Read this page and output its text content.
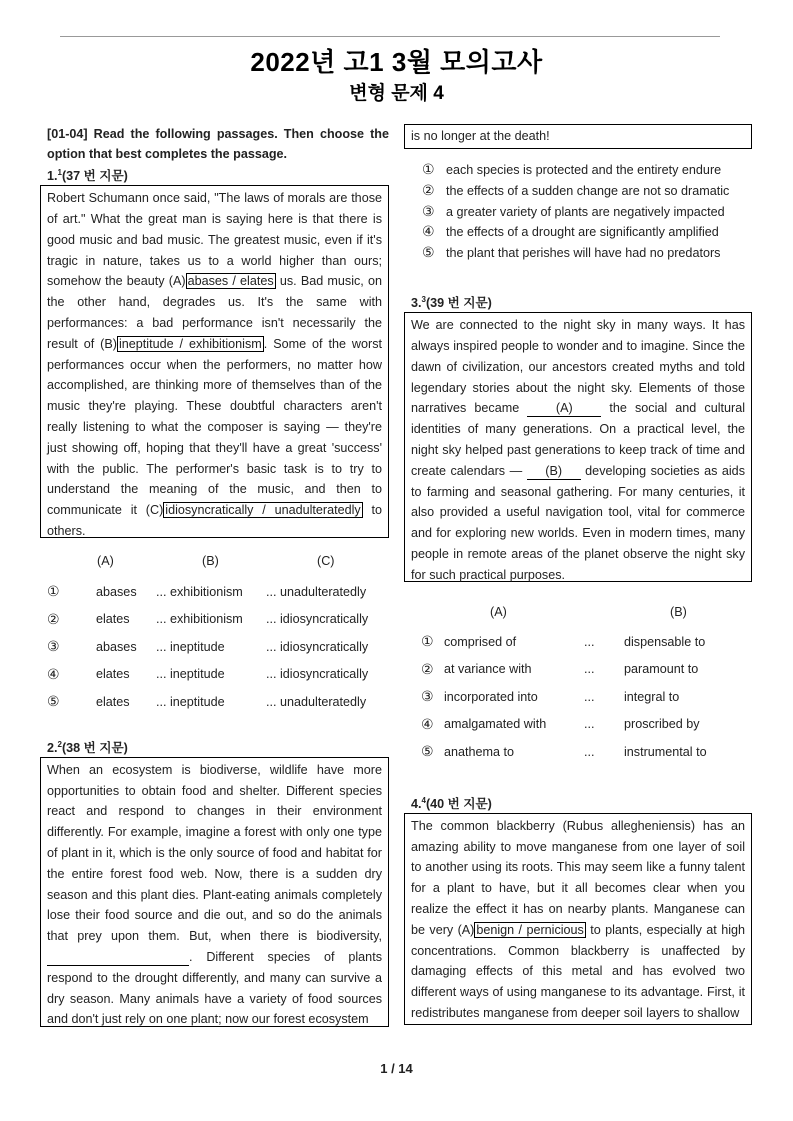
2022년 고1 3월 모의고사
변형 문제 4
[01-04] Read the following passages. Then choose the option that best completes the passage.
1.$^1$(37 번 지문)
Robert Schumann once said, "The laws of morals are those of art." What the great man is saying here is that there is good music and bad music. The greatest music, even if it's tragic in nature, takes us to a world higher than ours; somehow the beauty (A) abases / elates us. Bad music, on the other hand, degrades us. It's the same with performances: a bad performance isn't necessarily the result of (B) ineptitude / exhibitionism . Some of the worst performances occur when the performers, no matter how accomplished, are thinking more of themselves than of the music they're playing. These doubtful characters aren't really listening to what the composer is saying — they're just showing off, hoping that they'll have a great 'success' with the public. The performer's basic task is to try to understand the meaning of the music, and then to communicate it (C) idiosyncratically / unadulteratedly to others.
	(A)	(B)	(C)
①	abases	... exhibitionism	... unadulteratedly
②	elates	... exhibitionism	... idiosyncratically
③	abases	... ineptitude	... idiosyncratically
④	elates	... ineptitude	... idiosyncratically
⑤	elates	... ineptitude	... unadulteratedly
2.$^2$(38 번 지문)
When an ecosystem is biodiverse, wildlife have more opportunities to obtain food and shelter. Different species react and respond to changes in their environment differently. For example, imagine a forest with only one type of plant in it, which is the only source of food and habitat for the entire forest food web. Now, there is a sudden dry season and this plant dies. Plant-eating animals completely lose their food source and die out, and so do the animals that prey upon them. But, when there is biodiversity,  . Different species of plants respond to the drought differently, and many can survive a dry season. Many animals have a variety of food sources and don't just rely on one plant; now our forest ecosystem
is no longer at the death!
① each species is protected and the entirety endure
② the effects of a sudden change are not so dramatic
③ a greater variety of plants are negatively impacted
④ the effects of a drought are significantly amplified
⑤ the plant that perishes will have had no predators
3.$^3$(39 번 지문)
We are connected to the night sky in many ways. It has always inspired people to wonder and to imagine. Since the dawn of civilization, our ancestors created myths and told legendary stories about the night sky. Elements of those narratives became (A) the social and cultural identities of many generations. On a practical level, the night sky helped past generations to keep track of time and create calendars — (B) developing societies as aids to farming and seasonal gathering. For many centuries, it also provided a useful navigation tool, vital for commerce and for exploring new worlds. Even in modern times, many people in remote areas of the planet observe the night sky for such practical purposes.
	(A)		(B)
①	comprised of	...	dispensable to
②	at variance with	...	paramount to
③	incorporated into	...	integral to
④	amalgamated with	...	proscribed by
⑤	anathema to	...	instrumental to
4.$^4$(40 번 지문)
The common blackberry (Rubus allegheniensis) has an amazing ability to move manganese from one layer of soil to another using its roots. This may seem like a funny talent for a plant to have, but it all becomes clear when you realize the effect it has on nearby plants. Manganese can be very (A) benign / pernicious to plants, especially at high concentrations. Common blackberry is unaffected by damaging effects of this metal and has evolved two different ways of using manganese to its advantage. First, it redistributes manganese from deeper soil layers to shallow
1 / 14
